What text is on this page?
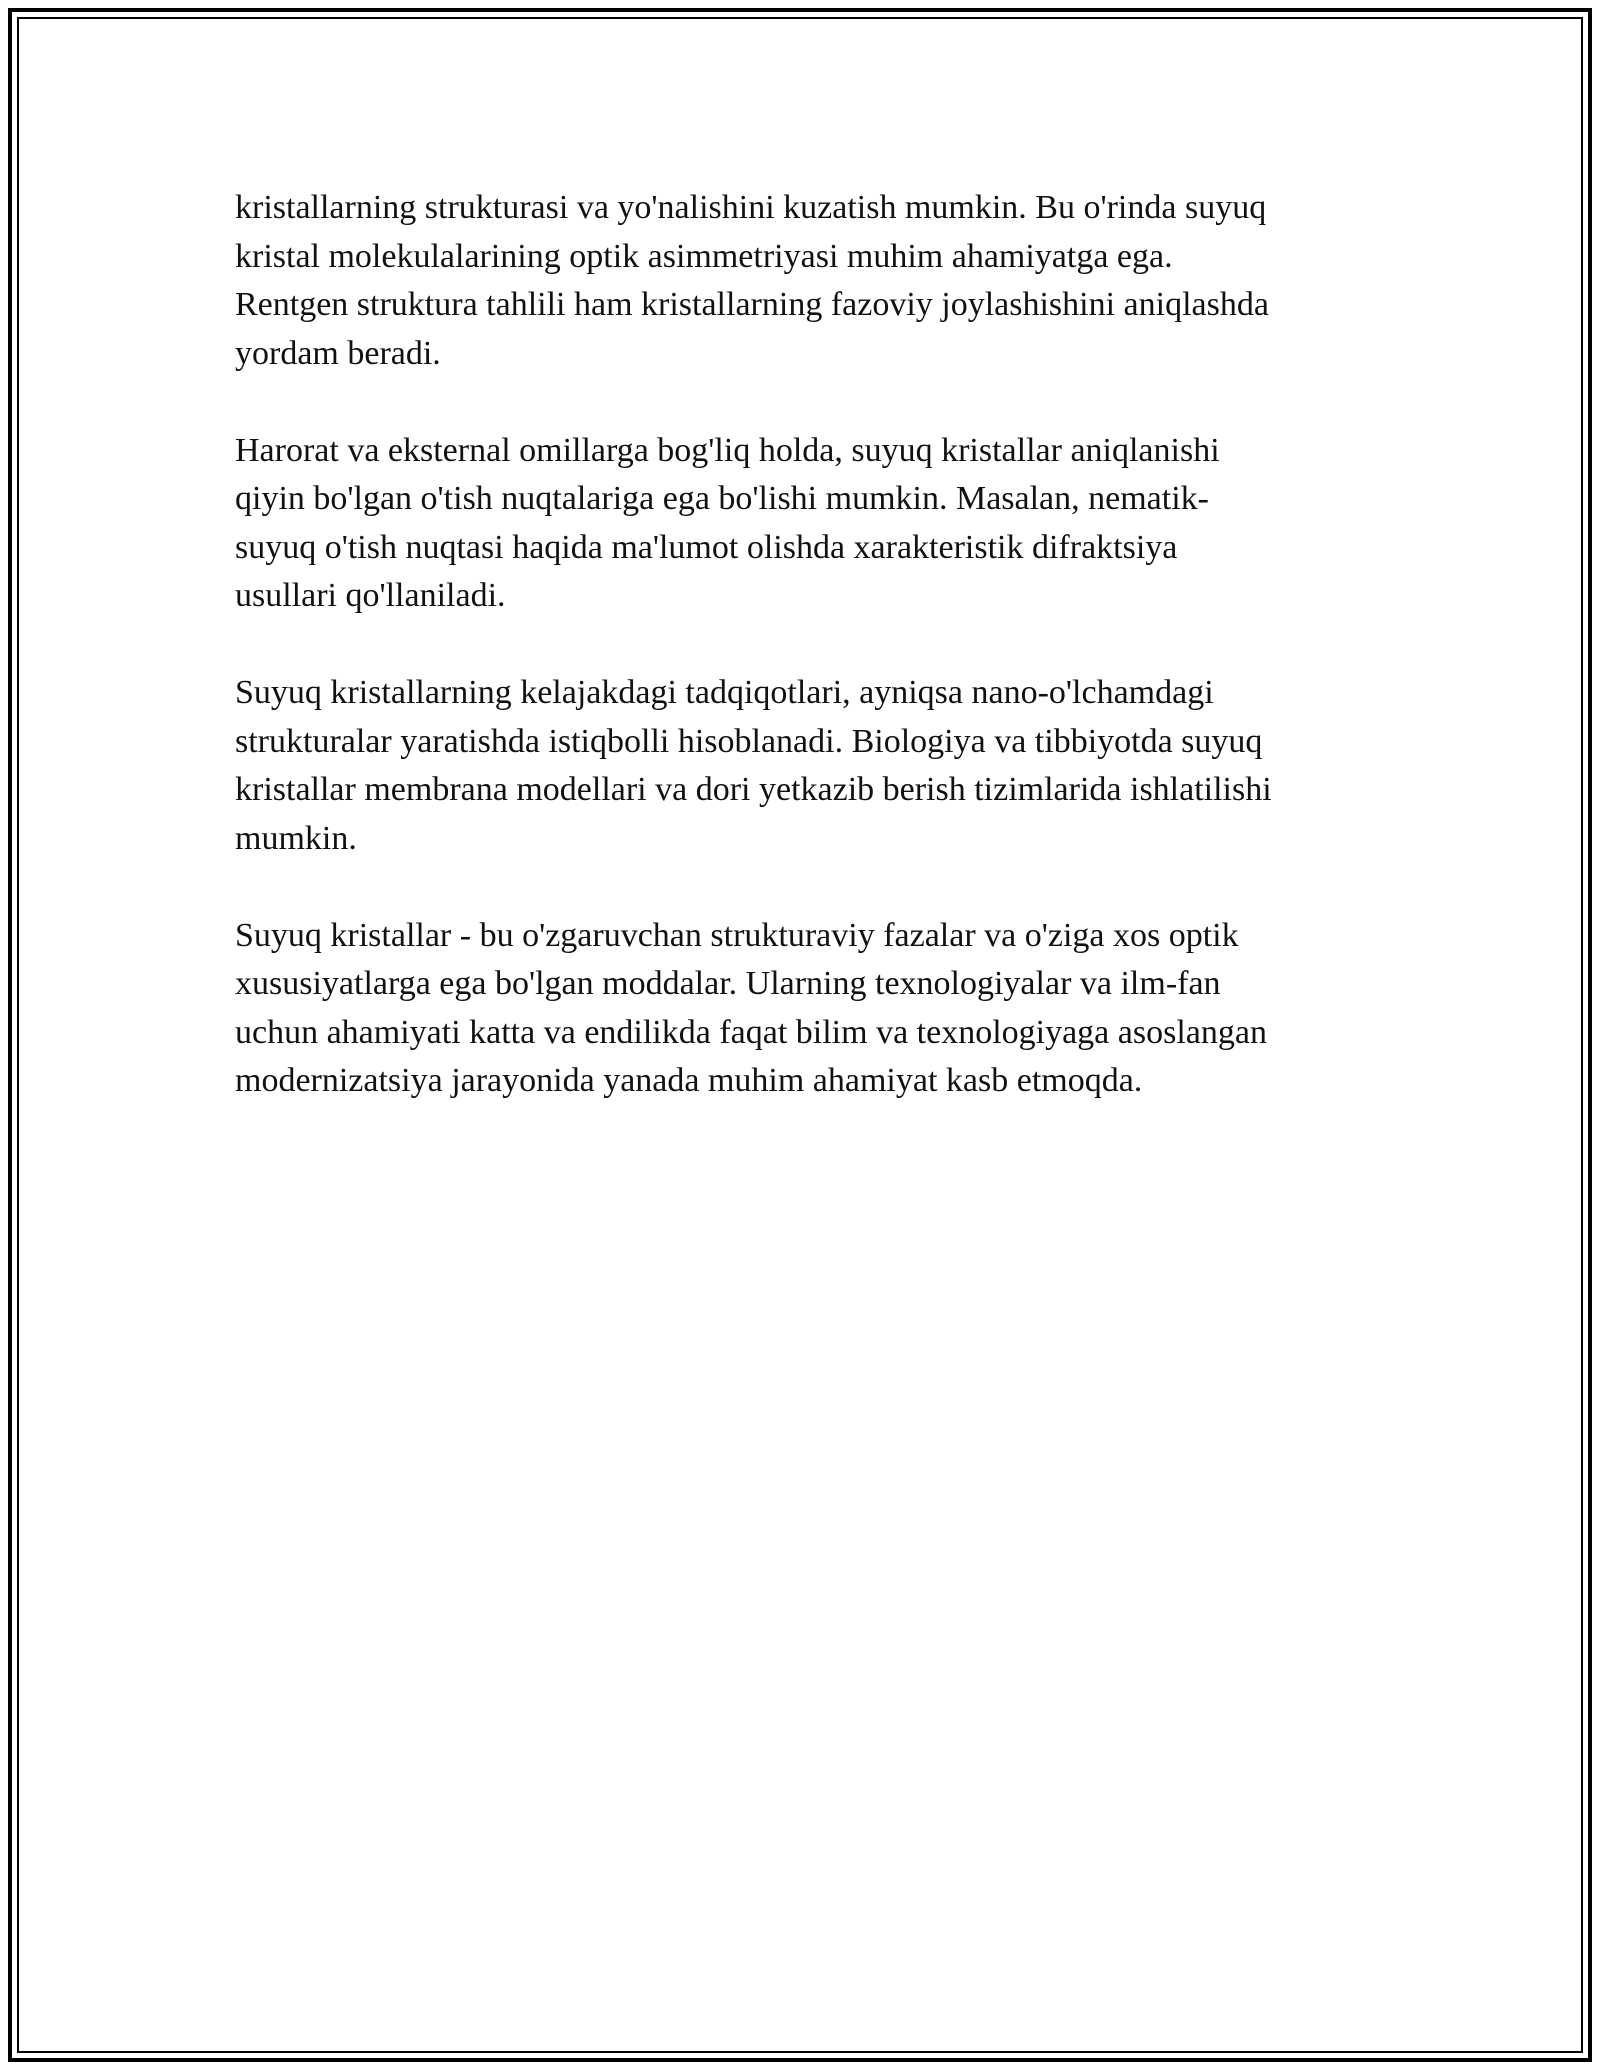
kristallarning strukturasi va yo'nalishini kuzatish mumkin. Bu o'rinda suyuq
kristal molekulalarining optik asimmetriyasi muhim ahamiyatga ega.
Rentgen struktura tahlili ham kristallarning fazoviy joylashishini aniqlashda
yordam beradi.

Harorat va eksternal omillarga bog'liq holda, suyuq kristallar aniqlanishi
qiyin bo'lgan o'tish nuqtalariga ega bo'lishi mumkin. Masalan, nematik-
suyuq o'tish nuqtasi haqida ma'lumot olishda xarakteristik difraktsiya
usullari qo'llaniladi.

Suyuq kristallarning kelajakdagi tadqiqotlari, ayniqsa nano-o'lchamdagi
strukturalar yaratishda istiqbolli hisoblanadi. Biologiya va tibbiyotda suyuq
kristallar membrana modellari va dori yetkazib berish tizimlarida ishlatilishi
mumkin.

Suyuq kristallar - bu o'zgaruvchan strukturaviy fazalar va o'ziga xos optik
xususiyatlarga ega bo'lgan moddalar. Ularning texnologiyalar va ilm-fan
uchun ahamiyati katta va endilikda faqat bilim va texnologiyaga asoslangan
modernizatsiya jarayonida yanada muhim ahamiyat kasb etmoqda.
